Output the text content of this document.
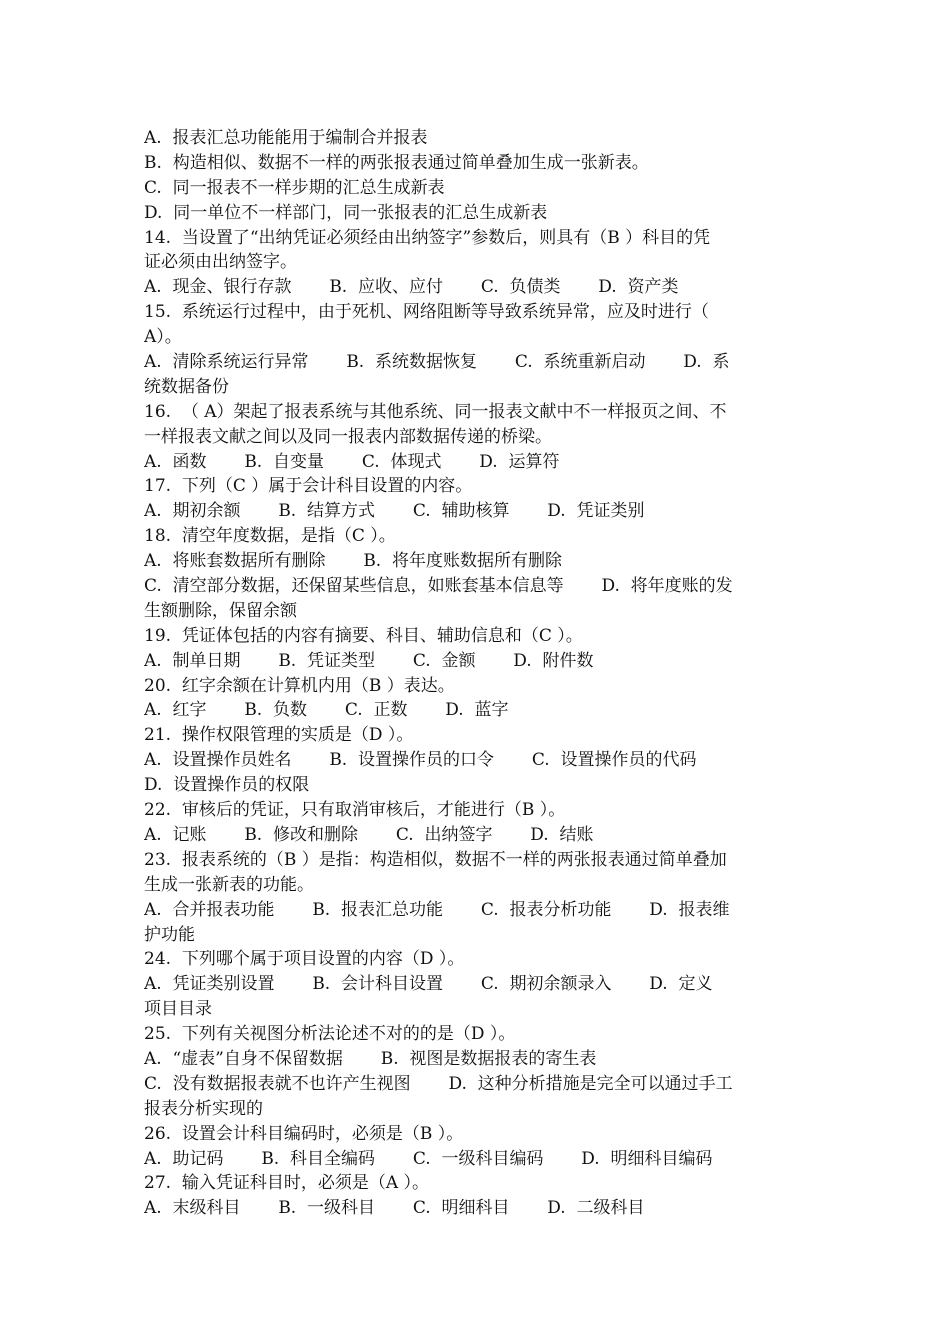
A.  报表汇总功能能用于编制合并报表
B.  构造相似、数据不一样的两张报表通过简单叠加生成一张新表。
C.  同一报表不一样步期的汇总生成新表
D.  同一单位不一样部门，同一张报表的汇总生成新表
14.  当设置了“出纳凭证必须经由出纳签字”参数后，则具有（B ）科目的凭
证必须由出纳签字。
A.  现金、银行存款       B.  应收、应付       C.  负债类       D.  资产类
15.  系统运行过程中，由于死机、网络阻断等导致系统异常，应及时进行（
A）。
A.  清除系统运行异常       B.  系统数据恢复       C.  系统重新启动       D.  系
统数据备份
16.  （ A）架起了报表系统与其他系统、同一报表文献中不一样报页之间、不
一样报表文献之间以及同一报表内部数据传递的桥梁。
A.  函数       B.  自变量       C.  体现式       D.  运算符
17.  下列（C ）属于会计科目设置的内容。
A.  期初余额       B.  结算方式       C.  辅助核算       D.  凭证类别
18.  清空年度数据，是指（C ）。
A.  将账套数据所有删除       B.  将年度账数据所有删除
C.  清空部分数据，还保留某些信息，如账套基本信息等       D.  将年度账的发
生额删除，保留余额
19.  凭证体包括的内容有摘要、科目、辅助信息和（C ）。
A.  制单日期       B.  凭证类型       C.  金额       D.  附件数
20.  红字余额在计算机内用（B ）表达。
A.  红字       B.  负数       C.  正数       D.  蓝字
21.  操作权限管理的实质是（D ）。
A.  设置操作员姓名       B.  设置操作员的口令       C.  设置操作员的代码
D.  设置操作员的权限
22.  审核后的凭证，只有取消审核后，才能进行（B ）。
A.  记账       B.  修改和删除       C.  出纳签字       D.  结账
23.  报表系统的（B ）是指：构造相似，数据不一样的两张报表通过简单叠加
生成一张新表的功能。
A.  合并报表功能       B.  报表汇总功能       C.  报表分析功能       D.  报表维
护功能
24.  下列哪个属于项目设置的内容（D ）。
A.  凭证类别设置       B.  会计科目设置       C.  期初余额录入       D.  定义
项目目录
25.  下列有关视图分析法论述不对的的是（D ）。
A.  “虚表”自身不保留数据       B.  视图是数据报表的寄生表
C.  没有数据报表就不也许产生视图       D.  这种分析措施是完全可以通过手工
报表分析实现的
26.  设置会计科目编码时，必须是（B ）。
A.  助记码       B.  科目全编码       C.  一级科目编码       D.  明细科目编码
27.  输入凭证科目时，必须是（A ）。
A.  末级科目       B.  一级科目       C.  明细科目       D.  二级科目
